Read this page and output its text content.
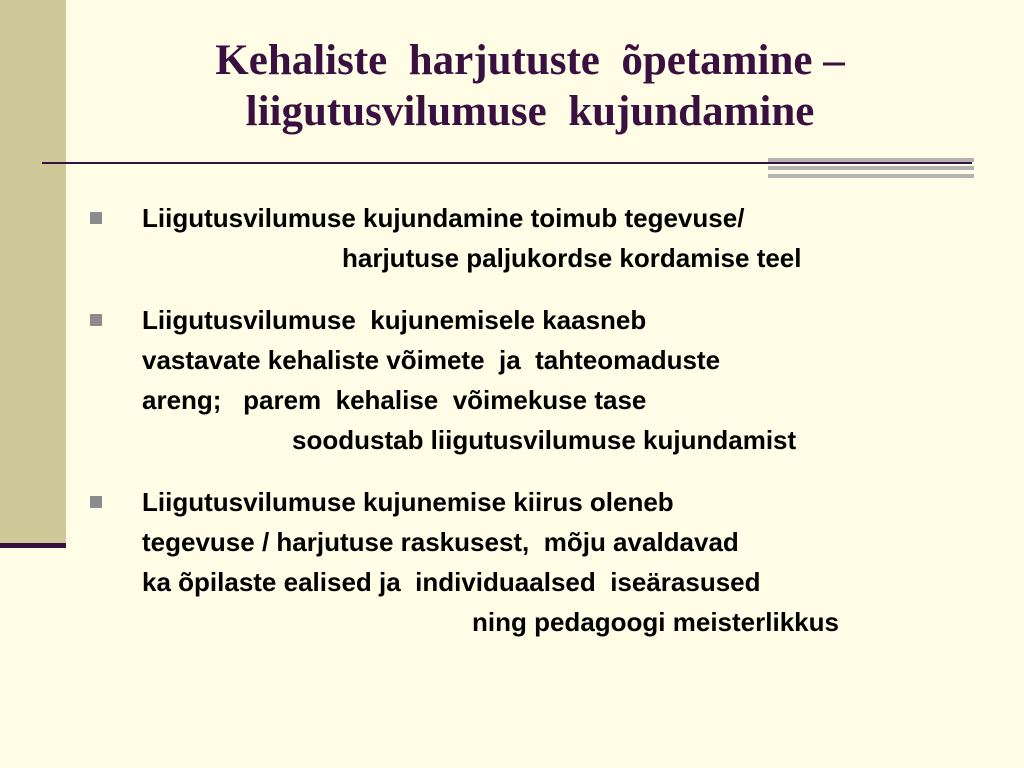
Kehaliste  harjutuste  õpetamine –
liigutusvilumuse  kujundamine
Liigutusvilumuse kujundamine toimub tegevuse/
harjutuse paljukordse kordamise teel
Liigutusvilumuse  kujunemisele kaasneb
vastavate kehaliste võimete  ja  tahteomaduste
areng;   parem  kehalise  võimekuse tase
soodustab liigutusvilumuse kujundamist
Liigutusvilumuse kujunemise kiirus oleneb
tegevuse / harjutuse raskusest,  mõju avaldavad
ka õpilaste ealised ja  individuaalsed  iseärasused
ning pedagoogi meisterlikkus
